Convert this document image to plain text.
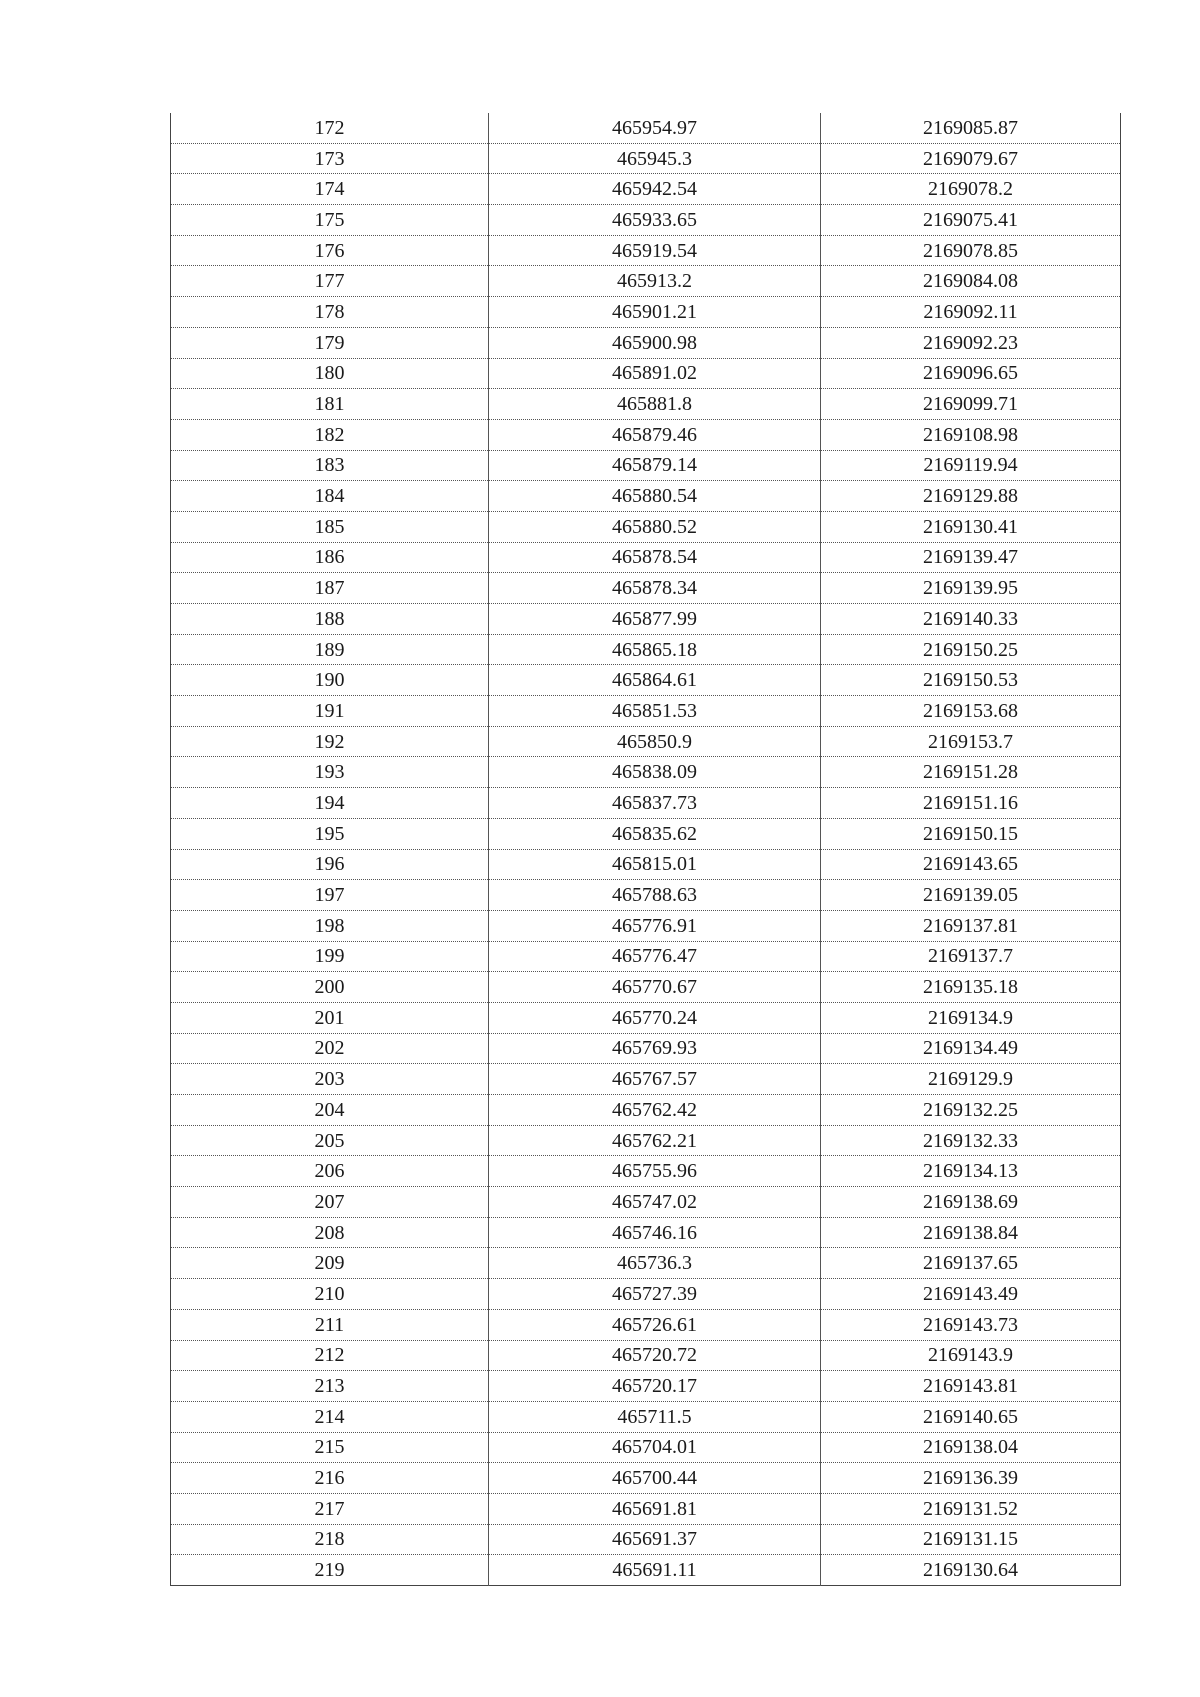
172	465954.97	2169085.87
173	465945.3	2169079.67
174	465942.54	2169078.2
175	465933.65	2169075.41
176	465919.54	2169078.85
177	465913.2	2169084.08
178	465901.21	2169092.11
179	465900.98	2169092.23
180	465891.02	2169096.65
181	465881.8	2169099.71
182	465879.46	2169108.98
183	465879.14	2169119.94
184	465880.54	2169129.88
185	465880.52	2169130.41
186	465878.54	2169139.47
187	465878.34	2169139.95
188	465877.99	2169140.33
189	465865.18	2169150.25
190	465864.61	2169150.53
191	465851.53	2169153.68
192	465850.9	2169153.7
193	465838.09	2169151.28
194	465837.73	2169151.16
195	465835.62	2169150.15
196	465815.01	2169143.65
197	465788.63	2169139.05
198	465776.91	2169137.81
199	465776.47	2169137.7
200	465770.67	2169135.18
201	465770.24	2169134.9
202	465769.93	2169134.49
203	465767.57	2169129.9
204	465762.42	2169132.25
205	465762.21	2169132.33
206	465755.96	2169134.13
207	465747.02	2169138.69
208	465746.16	2169138.84
209	465736.3	2169137.65
210	465727.39	2169143.49
211	465726.61	2169143.73
212	465720.72	2169143.9
213	465720.17	2169143.81
214	465711.5	2169140.65
215	465704.01	2169138.04
216	465700.44	2169136.39
217	465691.81	2169131.52
218	465691.37	2169131.15
219	465691.11	2169130.64
